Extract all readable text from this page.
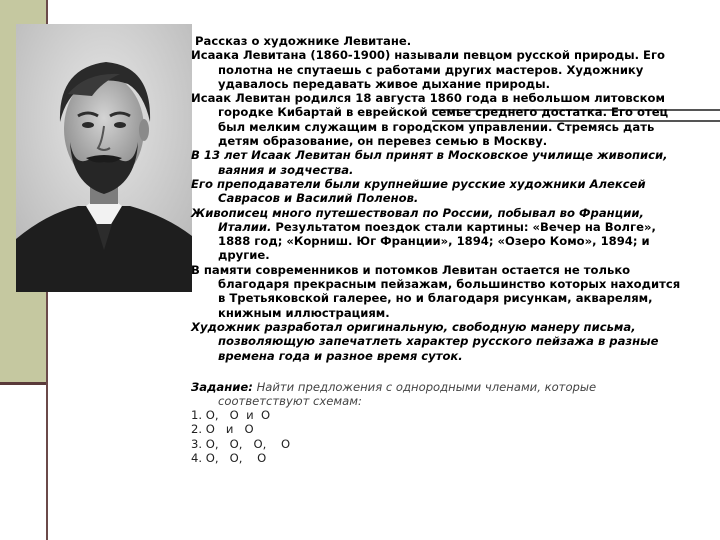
Рассказ о художнике Левитане.

Исаака Левитана (1860-1900) называли певцом русской природы. Его полотна не спутаешь с работами других мастеров. Художнику удавалось передавать живое дыхание природы.

Исаак Левитан родился 18 августа 1860 года в небольшом литовском городке Кибартай в еврейской семье среднего достатка. Его отец был мелким служащим в городском управлении. Стремясь дать детям образование, он перевез семью в Москву.

В 13 лет Исаак Левитан был принят в Московское училище живописи, ваяния и зодчества.

Его преподаватели были крупнейшие русские художники Алексей Саврасов и Василий Поленов.

Живописец много путешествовал по России, побывал во Франции, Италии. Результатом поездок стали картины: «Вечер на Волге», 1888 год; «Корниш. Юг Франции», 1894; «Озеро Комо», 1894; и другие.

В памяти современников и потомков Левитан остается не только благодаря прекрасным пейзажам, большинство которых находится в Третьяковской галерее, но и благодаря рисункам, акварелям, книжным иллюстрациям.

Художник разработал оригинальную, свободную манеру письма, позволяющую запечатлеть характер русского пейзажа в разные времена года и разное время суток.

Задание: Найти предложения с однородными членами, которые соответствуют схемам:

1. О,   О  и  О

2. О   и   О

3. О,   О,   О,    О

4. О,   О,    О
